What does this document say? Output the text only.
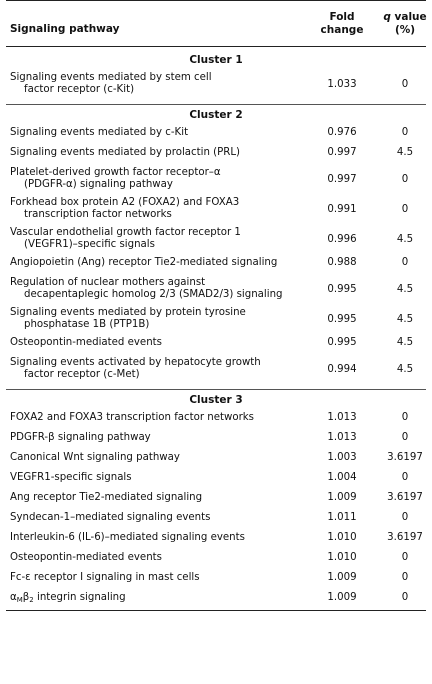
Signaling pathway
Fold
change
q value
(%)
Cluster 1
Signaling events mediated by stem cell
factor receptor (c-Kit)	1.033	0
Cluster 2
Signaling events mediated by c-Kit	0.976	0
Signaling events mediated by prolactin (PRL)	0.997	4.5
Platelet-derived growth factor receptor–α
(PDGFR-α) signaling pathway	0.997	0
Forkhead box protein A2 (FOXA2) and FOXA3
transcription factor networks	0.991	0
Vascular endothelial growth factor receptor 1
(VEGFR1)–specific signals	0.996	4.5
Angiopoietin (Ang) receptor Tie2-mediated signaling	0.988	0
Regulation of nuclear mothers against
decapentaplegic homolog 2/3 (SMAD2/3) signaling	0.995	4.5
Signaling events mediated by protein tyrosine
phosphatase 1B (PTP1B)	0.995	4.5
Osteopontin-mediated events	0.995	4.5
Signaling events activated by hepatocyte growth
factor receptor (c-Met)	0.994	4.5
Cluster 3
FOXA2 and FOXA3 transcription factor networks	1.013	0
PDGFR-β signaling pathway	1.013	0
Canonical Wnt signaling pathway	1.003	3.6197
VEGFR1-specific signals	1.004	0
Ang receptor Tie2-mediated signaling	1.009	3.6197
Syndecan-1–mediated signaling events	1.011	0
Interleukin-6 (IL-6)–mediated signaling events	1.010	3.6197
Osteopontin-mediated events	1.010	0
Fc-ε receptor I signaling in mast cells	1.009	0
$\alpha_M\beta_2$ integrin signaling	1.009	0
